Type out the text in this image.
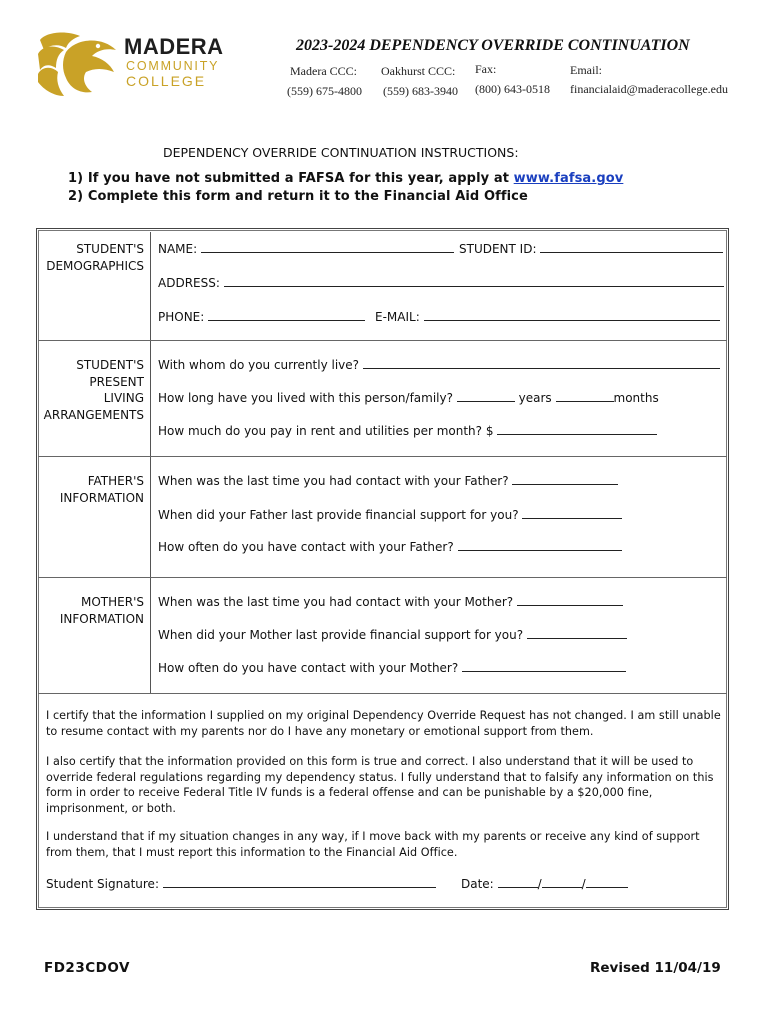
MADERA
COMMUNITY
COLLEGE
2023-2024 DEPENDENCY OVERRIDE CONTINUATION
Madera CCC:
(559) 675-4800
Oakhurst CCC:
(559) 683-3940
Fax:
(800) 643-0518
Email:
financialaid@maderacollege.edu
DEPENDENCY OVERRIDE CONTINUATION INSTRUCTIONS:
1) If you have not submitted a FAFSA for this year, apply at www.fafsa.gov
2) Complete this form and return it to the Financial Aid Office
STUDENT'S
DEMOGRAPHICS
NAME:	STUDENT ID:
ADDRESS:
PHONE:	E-MAIL:
STUDENT'S
PRESENT
LIVING
ARRANGEMENTS
With whom do you currently live?
How long have you lived with this person/family?	years	months
How much do you pay in rent and utilities per month? $
FATHER'S
INFORMATION
When was the last time you had contact with your Father?
When did your Father last provide financial support for you?
How often do you have contact with your Father?
MOTHER'S
INFORMATION
When was the last time you had contact with your Mother?
When did your Mother last provide financial support for you?
How often do you have contact with your Mother?
I certify that the information I supplied on my original Dependency Override Request has not changed. I am still unable to resume contact with my parents nor do I have any monetary or emotional support from them.
I also certify that the information provided on this form is true and correct. I also understand that it will be used to override federal regulations regarding my dependency status. I fully understand that to falsify any information on this form in order to receive Federal Title IV funds is a federal offense and can be punishable by a $20,000 fine, imprisonment, or both.
I understand that if my situation changes in any way, if I move back with my parents or receive any kind of support from them, that I must report this information to the Financial Aid Office.
Student Signature:	Date:	/	/
FD23CDOV	Revised 11/04/19
